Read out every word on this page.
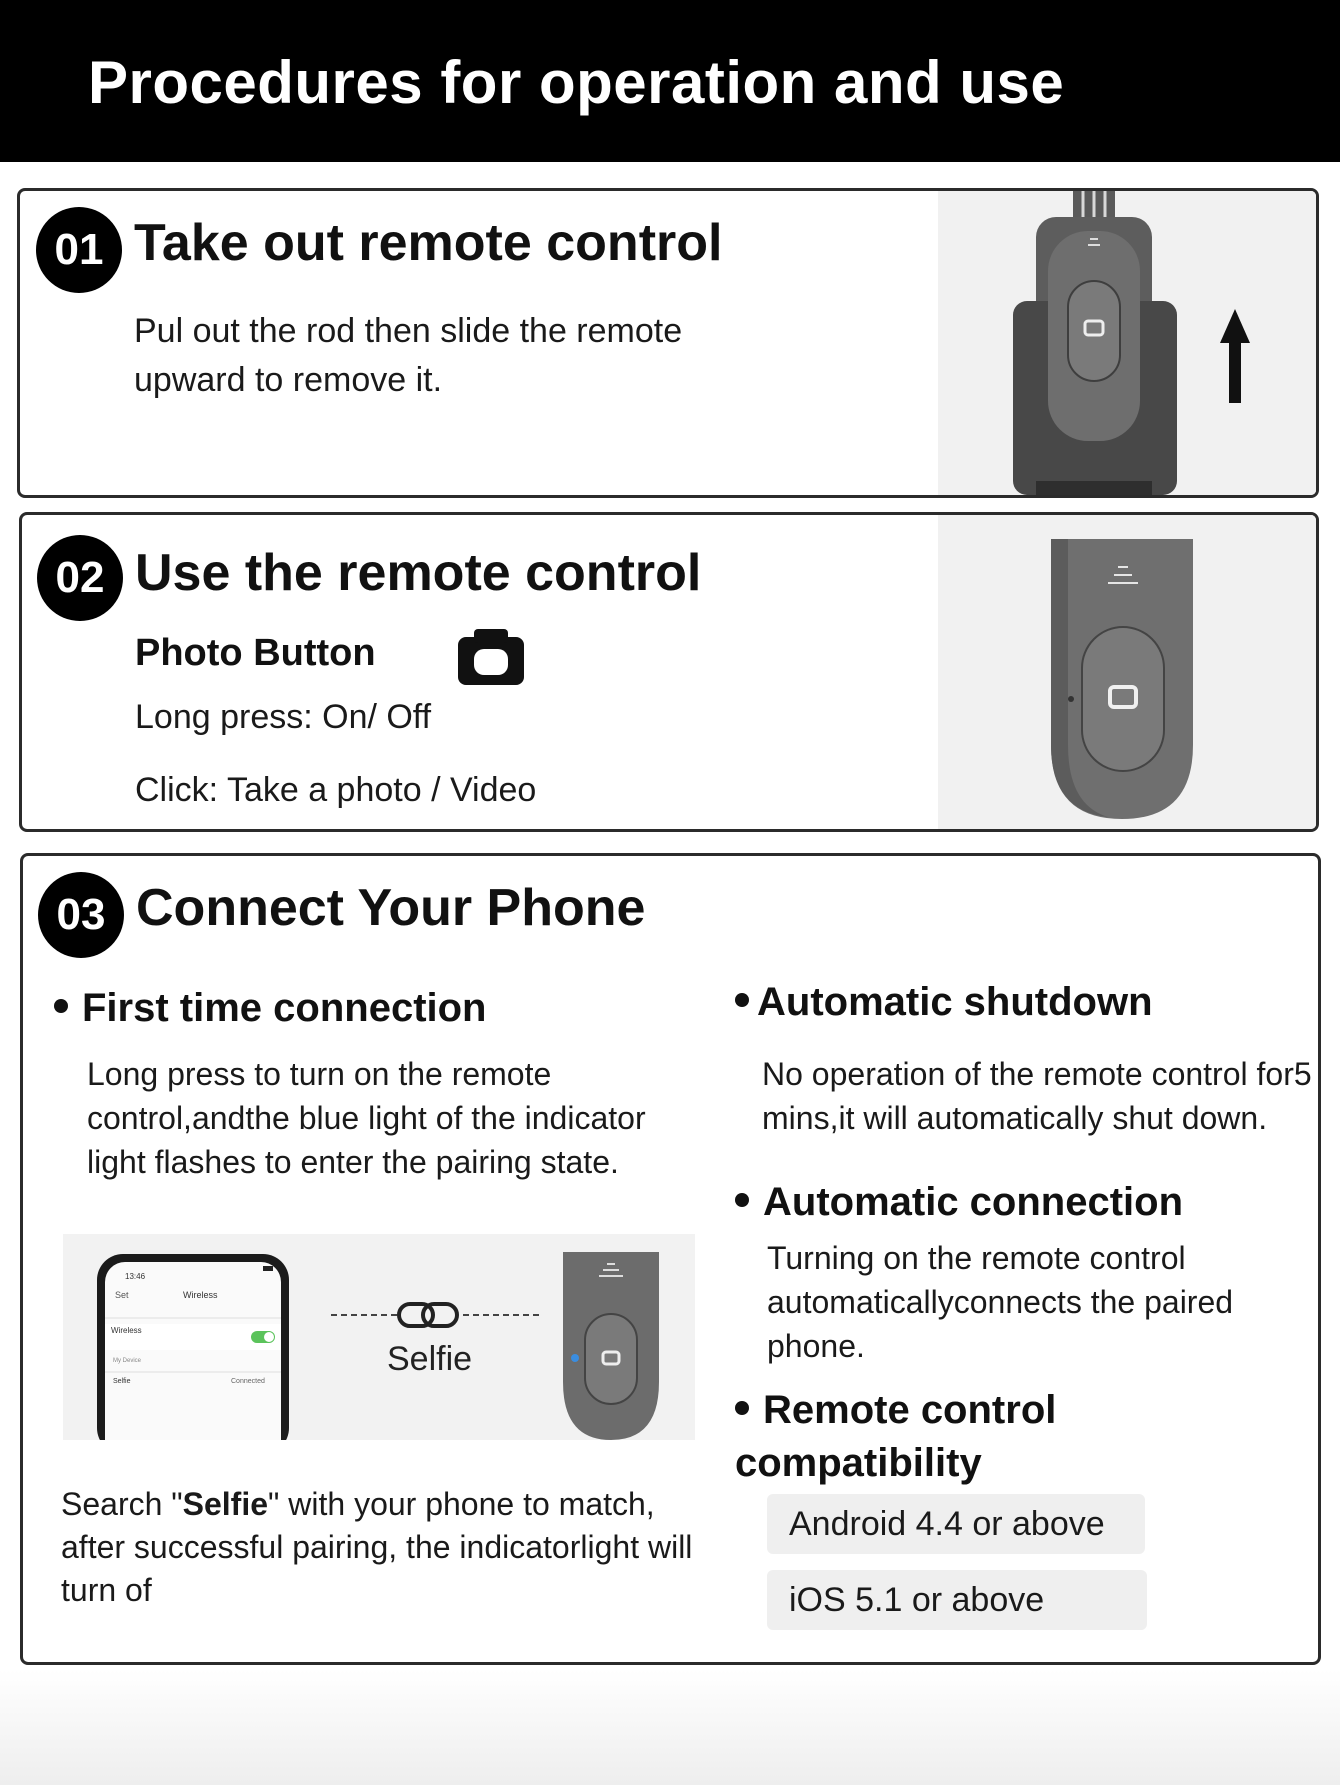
Procedures for operation and use
01 Take out remote control
Pul out the rod then slide the remote upward to remove it.
02 Use the remote control
Photo Button
Long press: On/ Off
Click: Take a photo / Video
03 Connect Your Phone
First time connection
Long press to turn on the remote control,andthe blue light of the indicator light flashes to enter the pairing state.
13:46
Set	Wireless
Wireless
My Device
Selfie	Connected
Selfie
Search "Selfie" with your phone to match, after successful pairing, the indicatorlight will turn of
Automatic shutdown
No operation of the remote control for5 mins,it will automatically shut down.
Automatic connection
Turning on the remote control automaticallyconnects the paired phone.
Remote control compatibility
Android 4.4 or above
iOS 5.1 or above
